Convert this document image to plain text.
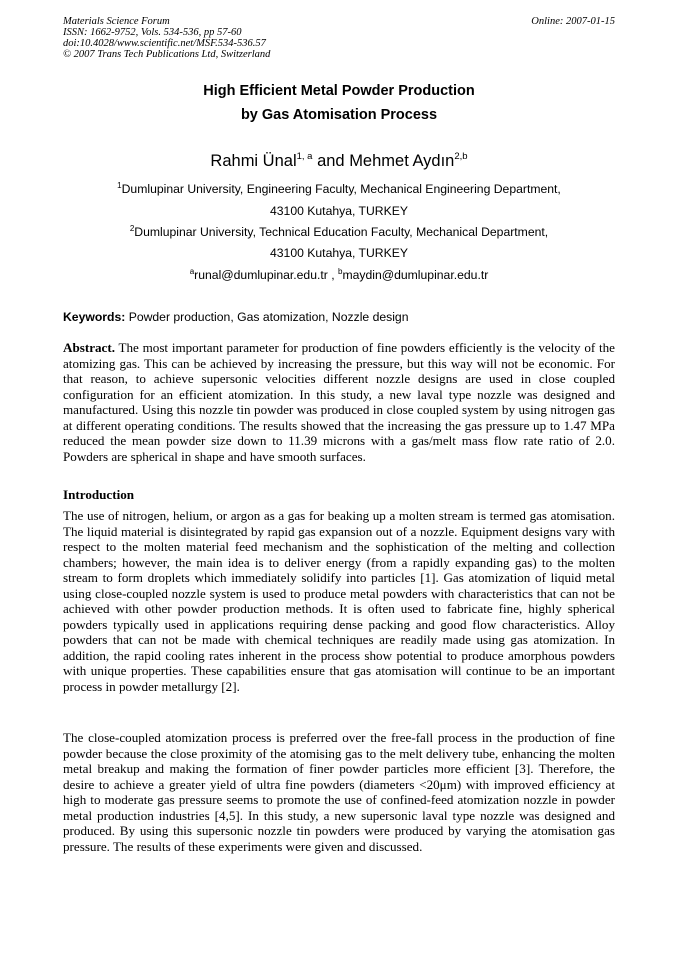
Materials Science Forum
ISSN: 1662-9752, Vols. 534-536, pp 57-60
doi:10.4028/www.scientific.net/MSF.534-536.57
© 2007 Trans Tech Publications Ltd, Switzerland
Online: 2007-01-15
High Efficient Metal Powder Production
by Gas Atomisation Process
Rahmi Ünal$^{1, a}$ and Mehmet Aydın$^{2,b}$
$^1$Dumlupinar University, Engineering Faculty, Mechanical Engineering Department,
43100 Kutahya, TURKEY
$^2$Dumlupinar University, Technical Education Faculty, Mechanical Department,
43100 Kutahya, TURKEY
$^a$runal@dumlupinar.edu.tr , $^b$maydin@dumlupinar.edu.tr
Keywords: Powder production, Gas atomization, Nozzle design
Abstract. The most important parameter for production of fine powders efficiently is the velocity of the atomizing gas. This can be achieved by increasing the pressure, but this way will not be economic. For that reason, to achieve supersonic velocities different nozzle designs are used in close coupled configuration for an efficient atomization. In this study, a new laval type nozzle was designed and manufactured. Using this nozzle tin powder was produced in close coupled system by using nitrogen gas at different operating conditions. The results showed that the increasing the gas pressure up to 1.47 MPa reduced the mean powder size down to 11.39 microns with a gas/melt mass flow rate ratio of 2.0. Powders are spherical in shape and have smooth surfaces.
Introduction
The use of nitrogen, helium, or argon as a gas for beaking up a molten stream is termed gas atomisation. The liquid material is disintegrated by rapid gas expansion out of a nozzle. Equipment designs vary with respect to the molten material feed mechanism and the sophistication of the melting and collection chambers; however, the main idea is to deliver energy (from a rapidly expanding gas) to the molten stream to form droplets which immediately solidify into particles [1]. Gas atomization of liquid metal using close-coupled nozzle system is used to produce metal powders with characteristics that can not be achieved with other powder production methods. It is often used to fabricate fine, highly spherical powders typically used in applications requiring dense packing and good flow characteristics. Alloy powders that can not be made with chemical techniques are readily made using gas atomization. In addition, the rapid cooling rates inherent in the process show potential to produce amorphous powders with unique properties. These capabilities ensure that gas atomisation will continue to be an important process in powder metallurgy [2].
The close-coupled atomization process is preferred over the free-fall process in the production of fine powder because the close proximity of the atomising gas to the melt delivery tube, enhancing the molten metal breakup and making the formation of finer powder particles more efficient [3]. Therefore, the desire to achieve a greater yield of ultra fine powders (diameters <20μm) with improved efficiency at high to moderate gas pressure seems to promote the use of confined-feed atomization nozzle in powder metal production industries [4,5]. In this study, a new supersonic laval type nozzle was designed and produced. By using this supersonic nozzle tin powders were produced by varying the atomisation gas pressure. The results of these experiments were given and discussed.
